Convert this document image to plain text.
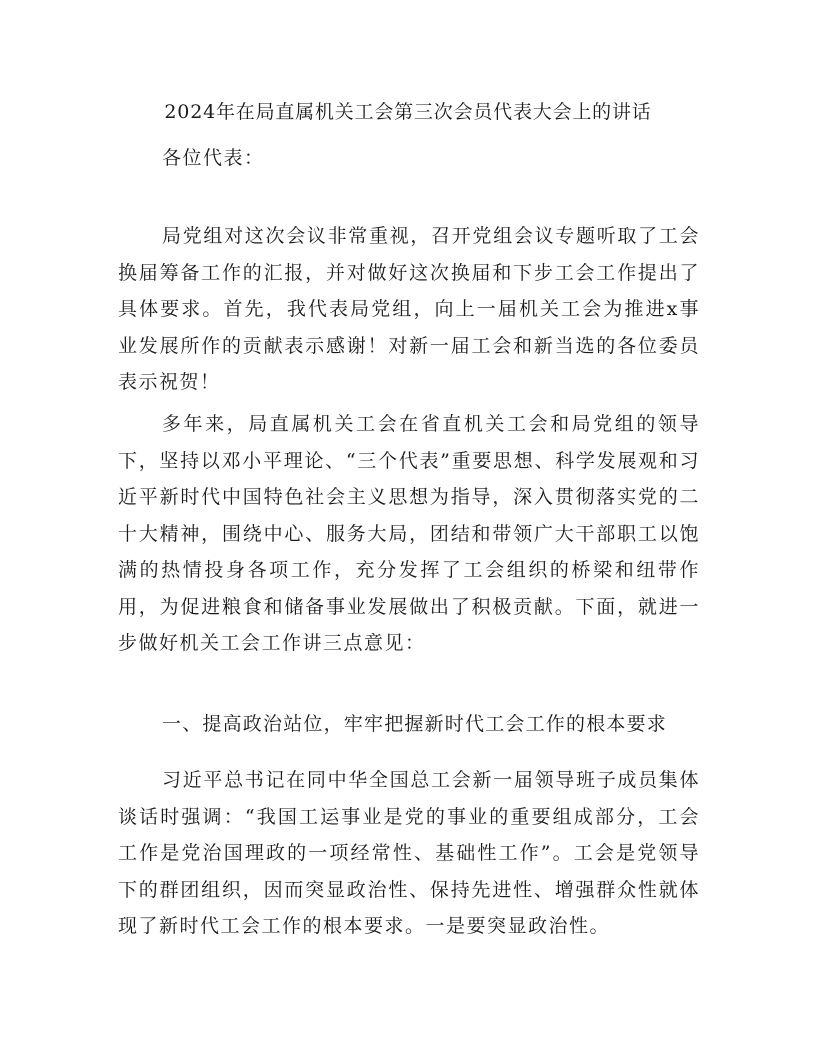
2024年在局直属机关工会第三次会员代表大会上的讲话

各位代表：

局党组对这次会议非常重视，召开党组会议专题听取了工会换届筹备工作的汇报，并对做好这次换届和下步工会工作提出了具体要求。首先，我代表局党组，向上一届机关工会为推进x事业发展所作的贡献表示感谢！对新一届工会和新当选的各位委员表示祝贺！

多年来，局直属机关工会在省直机关工会和局党组的领导下，坚持以邓小平理论、“三个代表”重要思想、科学发展观和习近平新时代中国特色社会主义思想为指导，深入贯彻落实党的二十大精神，围绕中心、服务大局，团结和带领广大干部职工以饱满的热情投身各项工作，充分发挥了工会组织的桥梁和纽带作用，为促进粮食和储备事业发展做出了积极贡献。下面，就进一步做好机关工会工作讲三点意见：

一、提高政治站位，牢牢把握新时代工会工作的根本要求

习近平总书记在同中华全国总工会新一届领导班子成员集体谈话时强调：“我国工运事业是党的事业的重要组成部分，工会工作是党治国理政的一项经常性、基础性工作”。工会是党领导下的群团组织，因而突显政治性、保持先进性、增强群众性就体现了新时代工会工作的根本要求。一是要突显政治性。
